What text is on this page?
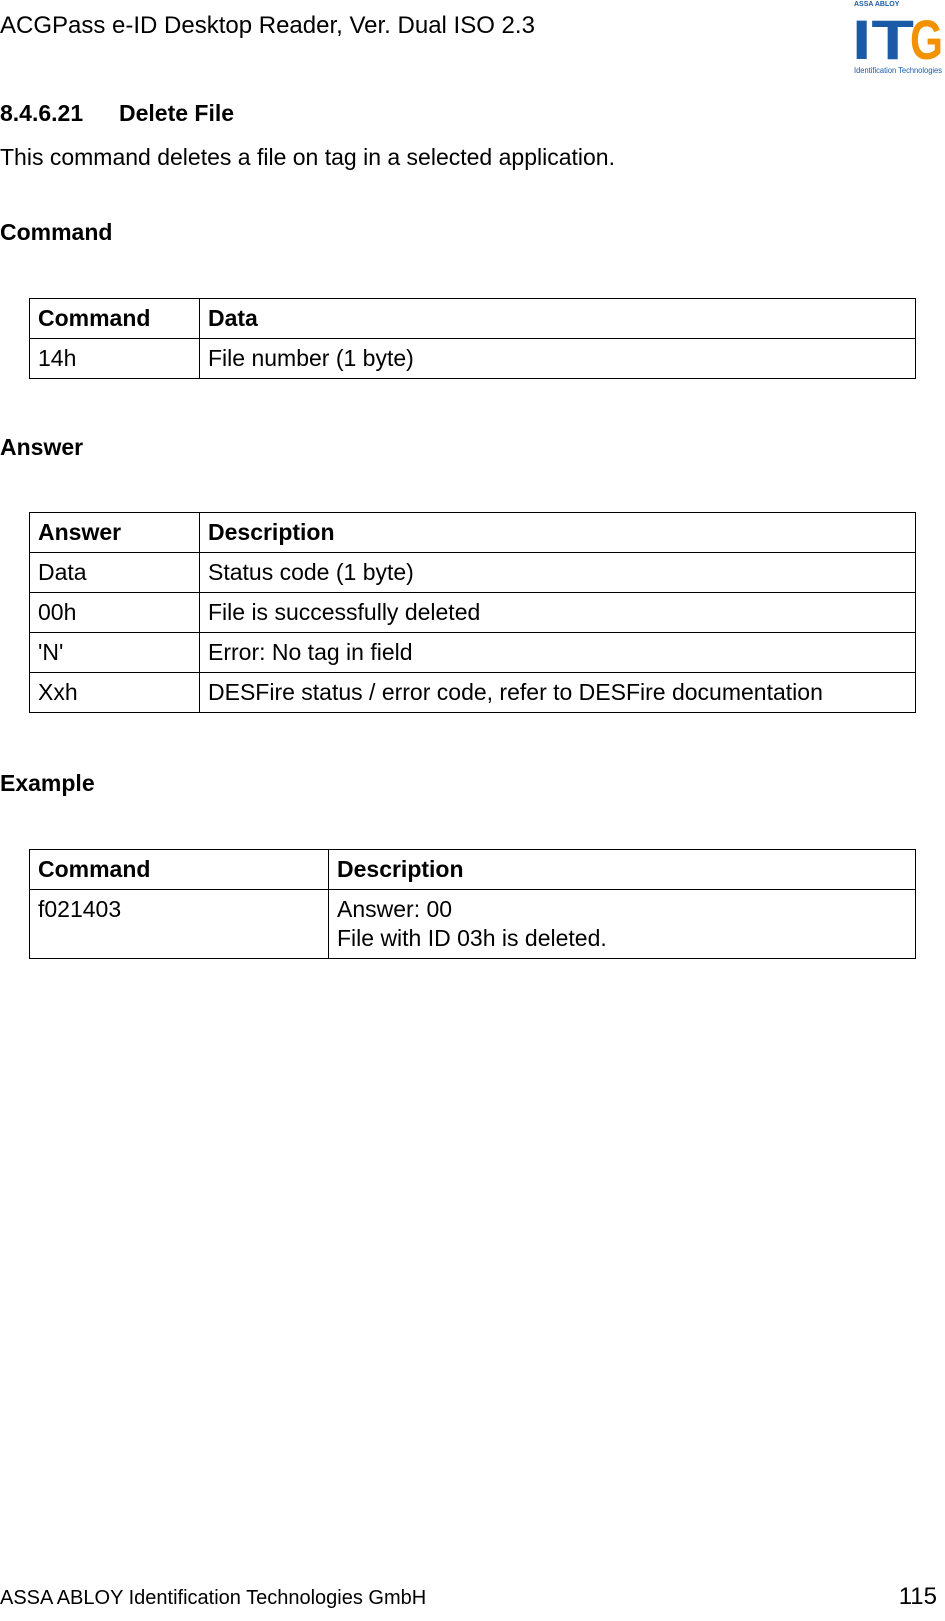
ACGPass e-ID Desktop Reader, Ver. Dual ISO 2.3
ASSA ABLOY
IT
G
Identification Technologies
8.4.6.21 Delete File
This command deletes a file on tag in a selected application.
Command
Command	Data
14h	File number (1 byte)
Answer
Answer	Description
Data	Status code (1 byte)
00h	File is successfully deleted
'N'	Error: No tag in field
Xxh	DESFire status / error code, refer to DESFire documentation
Example
Command	Description
f021403	Answer: 00
File with ID 03h is deleted.
ASSA ABLOY Identification Technologies GmbH	115
